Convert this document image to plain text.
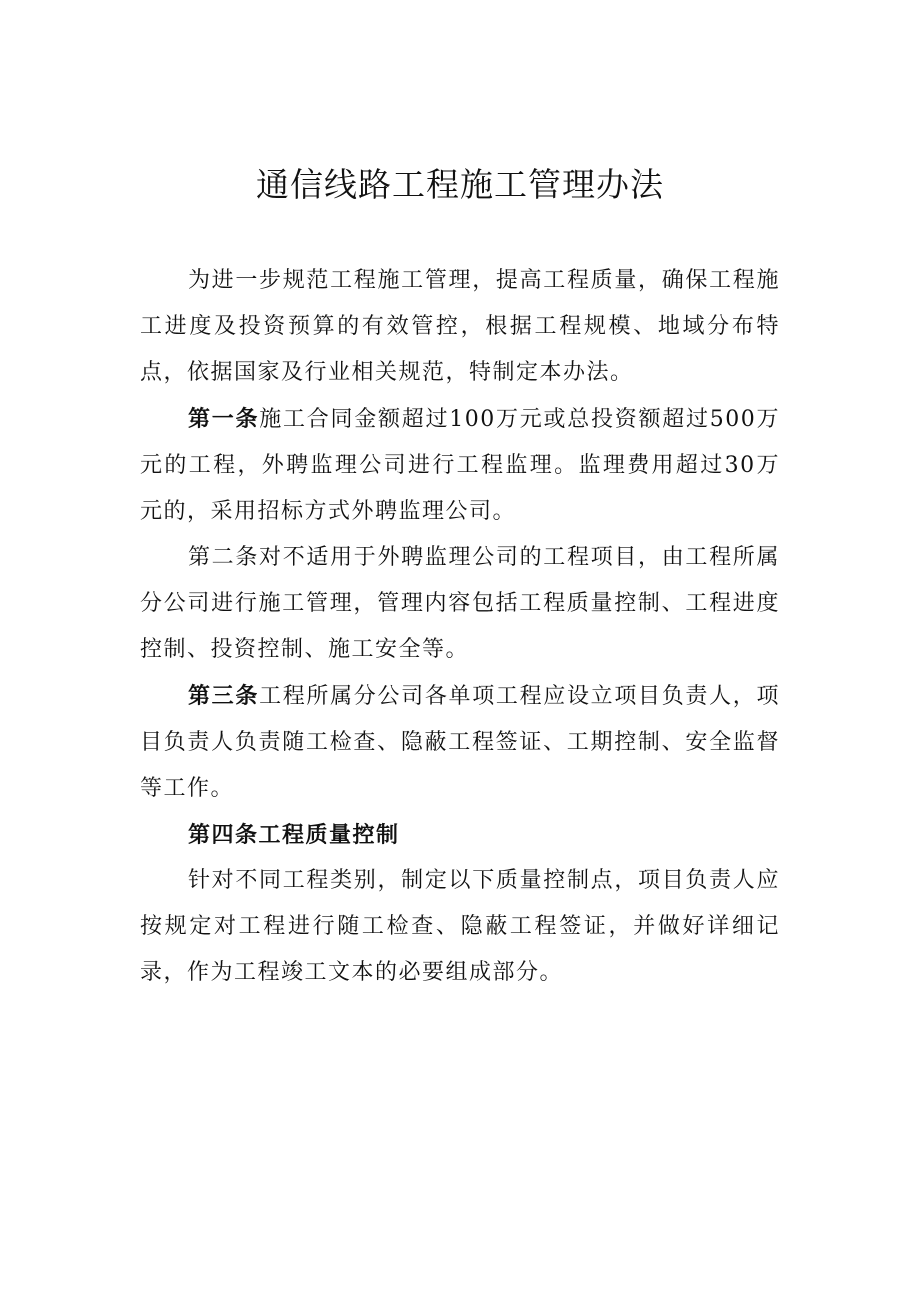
通信线路工程施工管理办法

为进一步规范工程施工管理，提高工程质量，确保工程施工进度及投资预算的有效管控，根据工程规模、地域分布特点，依据国家及行业相关规范，特制定本办法。

第一条施工合同金额超过100万元或总投资额超过500万元的工程，外聘监理公司进行工程监理。监理费用超过30万元的，采用招标方式外聘监理公司。

第二条对不适用于外聘监理公司的工程项目，由工程所属分公司进行施工管理，管理内容包括工程质量控制、工程进度控制、投资控制、施工安全等。

第三条工程所属分公司各单项工程应设立项目负责人，项目负责人负责随工检查、隐蔽工程签证、工期控制、安全监督等工作。

第四条工程质量控制

针对不同工程类别，制定以下质量控制点，项目负责人应按规定对工程进行随工检查、隐蔽工程签证，并做好详细记录，作为工程竣工文本的必要组成部分。
